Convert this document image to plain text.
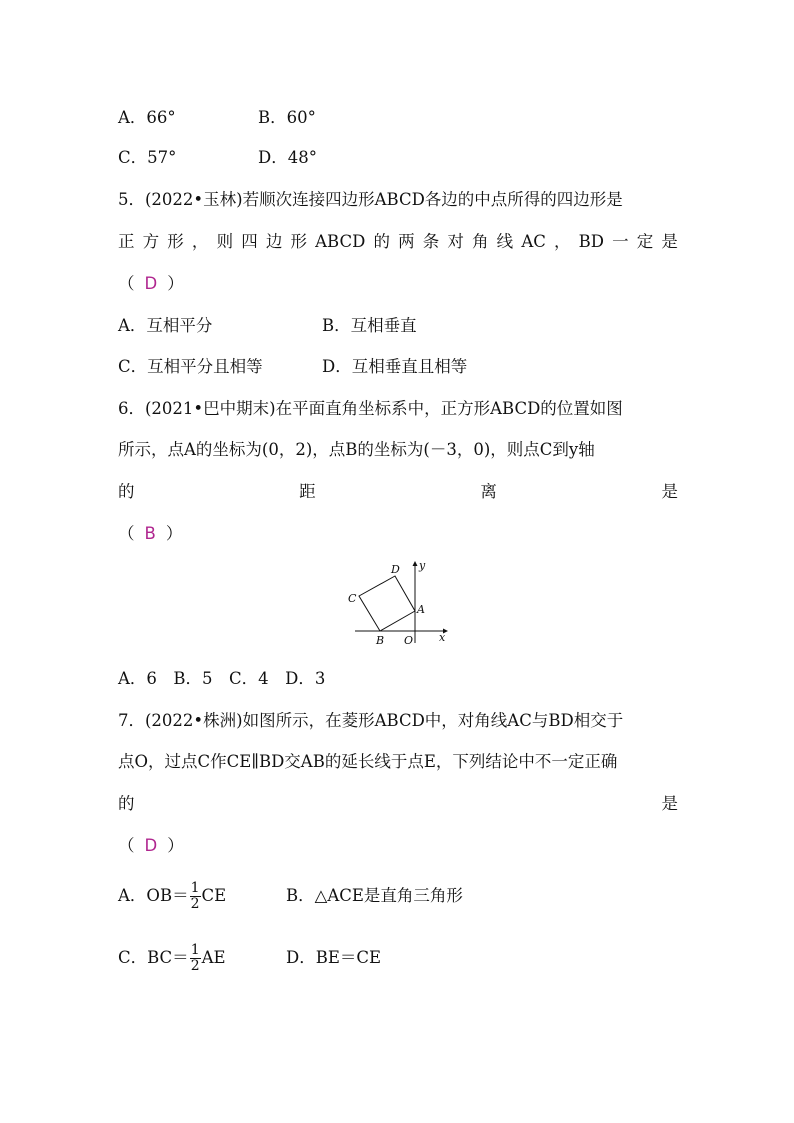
A．66°	B．60°
C．57°	D．48°
5．(2022•玉林)若顺次连接四边形ABCD各边的中点所得的四边形是
正 方 形 ， 则 四 边 形 ABCD 的 两 条 对 角 线 AC ， BD 一 定 是
（ D ）
A．互相平分	B．互相垂直
C．互相平分且相等	D．互相垂直且相等
6．(2021•巴中期末)在平面直角坐标系中，正方形ABCD的位置如图
所示，点A的坐标为(0，2)，点B的坐标为(－3，0)，则点C到y轴
的	距	离	是
（ B ）
D y
C
A
B O x
A．6　B．5　C．4　D．3
7．(2022•株洲)如图所示，在菱形ABCD中，对角线AC与BD相交于
点O，过点C作CE∥BD交AB的延长线于点E，下列结论中不一定正确
的	是
（ D ）
A．$OB= \frac{1}{2}$ CE	B．△ACE是直角三角形
C．$BC= \frac{1}{2}$ AE	D．BE＝CE
